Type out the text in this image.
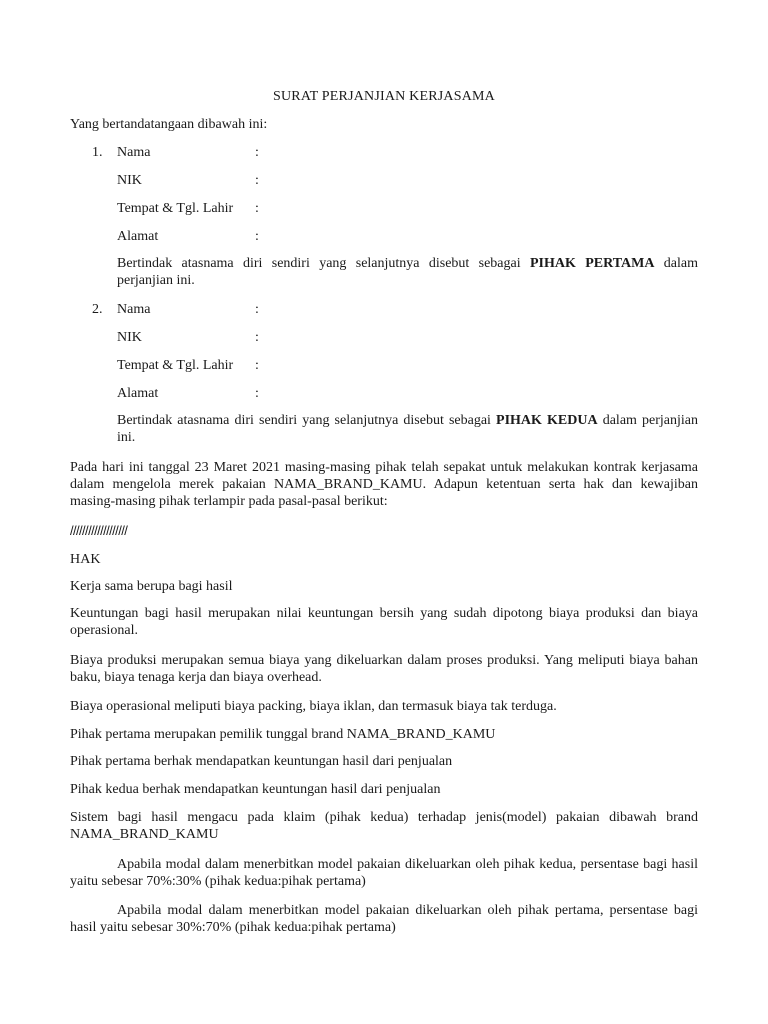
SURAT PERJANJIAN KERJASAMA
Yang bertandatangaan dibawah ini:
1.	Nama	:
NIK	:
Tempat & Tgl. Lahir	:
Alamat	:
Bertindak atasnama diri sendiri yang selanjutnya disebut sebagai PIHAK PERTAMA dalam perjanjian ini.
2.	Nama	:
NIK	:
Tempat & Tgl. Lahir	:
Alamat	:
Bertindak atasnama diri sendiri yang selanjutnya disebut sebagai PIHAK KEDUA dalam perjanjian ini.
Pada hari ini tanggal 23 Maret 2021 masing-masing pihak telah sepakat untuk melakukan kontrak kerjasama dalam mengelola merek pakaian NAMA_BRAND_KAMU. Adapun ketentuan serta hak dan kewajiban masing-masing pihak terlampir pada pasal-pasal berikut:
///////////////////
HAK
Kerja sama berupa bagi hasil
Keuntungan bagi hasil merupakan nilai keuntungan bersih yang sudah dipotong biaya produksi dan biaya operasional.
Biaya produksi merupakan semua biaya yang dikeluarkan dalam proses produksi. Yang meliputi biaya bahan baku, biaya tenaga kerja dan biaya overhead.
Biaya operasional meliputi biaya packing, biaya iklan, dan termasuk biaya tak terduga.
Pihak pertama merupakan pemilik tunggal brand NAMA_BRAND_KAMU
Pihak pertama berhak mendapatkan keuntungan hasil dari penjualan
Pihak kedua berhak mendapatkan keuntungan hasil dari penjualan
Sistem bagi hasil mengacu pada klaim (pihak kedua) terhadap jenis(model) pakaian dibawah brand NAMA_BRAND_KAMU
Apabila modal dalam menerbitkan model pakaian dikeluarkan oleh pihak kedua, persentase bagi hasil yaitu sebesar 70%:30% (pihak kedua:pihak pertama)
Apabila modal dalam menerbitkan model pakaian dikeluarkan oleh pihak pertama, persentase bagi hasil yaitu sebesar 30%:70% (pihak kedua:pihak pertama)
